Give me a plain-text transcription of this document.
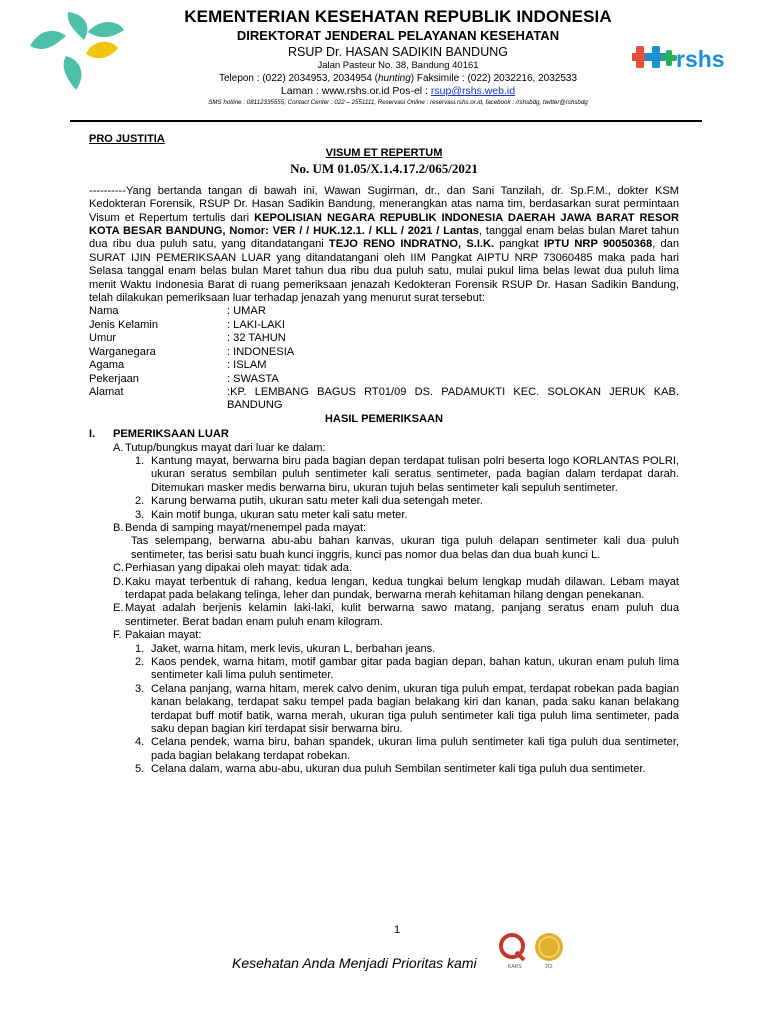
KEMENTERIAN KESEHATAN REPUBLIK INDONESIA
DIREKTORAT JENDERAL PELAYANAN KESEHATAN
RSUP Dr. HASAN SADIKIN BANDUNG
Jalan Pasteur No. 38, Bandung 40161
Telepon : (022) 2034953, 2034954 (hunting) Faksimile : (022) 2032216, 2032533
Laman : www.rshs.or.id Pos-el : rsup@rshs.web.id
SMS hotline : 08112335555, Contact Center : 022 – 2551111, Reservasi Online : reservasi.rshs.or.id, facebook : /rshsbdg, twitter@rshsbdg
rshs
PRO JUSTITIA
VISUM ET REPERTUM
No. UM 01.05/X.1.4.17.2/065/2021
----------Yang bertanda tangan di bawah ini, Wawan Sugirman, dr., dan Sani Tanzilah, dr. Sp.F.M., dokter KSM Kedokteran Forensik, RSUP Dr. Hasan Sadikin Bandung, menerangkan atas nama tim, berdasarkan surat permintaan Visum et Repertum tertulis dari KEPOLISIAN NEGARA REPUBLIK INDONESIA DAERAH JAWA BARAT RESOR KOTA BESAR BANDUNG, Nomor: VER / / HUK.12.1. / KLL / 2021 / Lantas, tanggal enam belas bulan Maret tahun dua ribu dua puluh satu, yang ditandatangani TEJO RENO INDRATNO, S.I.K. pangkat IPTU NRP 90050368, dan SURAT IJIN PEMERIKSAAN LUAR yang ditandatangani oleh IIM Pangkat AIPTU NRP 73060485 maka pada hari Selasa tanggal enam belas bulan Maret tahun dua ribu dua puluh satu, mulai pukul lima belas lewat dua puluh lima menit Waktu Indonesia Barat di ruang pemeriksaan jenazah Kedokteran Forensik RSUP Dr. Hasan Sadikin Bandung, telah dilakukan pemeriksaan luar terhadap jenazah yang menurut surat tersebut:
Nama	: UMAR
Jenis Kelamin	: LAKI-LAKI
Umur	: 32 TAHUN
Warganegara	: INDONESIA
Agama	: ISLAM
Pekerjaan	: SWASTA
Alamat	:KP. LEMBANG BAGUS RT01/09 DS. PADAMUKTI KEC. SOLOKAN JERUK KAB. BANDUNG
HASIL PEMERIKSAAN
I.	PEMERIKSAAN LUAR
A. Tutup/bungkus mayat dari luar ke dalam:
1. Kantung mayat, berwarna biru pada bagian depan terdapat tulisan polri beserta logo KORLANTAS POLRI, ukuran seratus sembilan puluh sentimeter kali seratus sentimeter, pada bagian dalam terdapat darah. Ditemukan masker medis berwarna biru, ukuran tujuh belas sentimeter kali sepuluh sentimeter.
2. Karung berwarna putih, ukuran satu meter kali dua setengah meter.
3. Kain motif bunga, ukuran satu meter kali satu meter.
B. Benda di samping mayat/menempel pada mayat:
Tas selempang, berwarna abu-abu bahan kanvas, ukuran tiga puluh delapan sentimeter kali dua puluh sentimeter, tas berisi satu buah kunci inggris, kunci pas nomor dua belas dan dua buah kunci L.
C. Perhiasan yang dipakai oleh mayat: tidak ada.
D. Kaku mayat terbentuk di rahang, kedua lengan, kedua tungkai belum lengkap mudah dilawan. Lebam mayat terdapat pada belakang telinga, leher dan pundak, berwarna merah kehitaman hilang dengan penekanan.
E. Mayat adalah berjenis kelamin laki-laki, kulit berwarna sawo matang, panjang seratus enam puluh dua sentimeter. Berat badan enam puluh enam kilogram.
F. Pakaian mayat:
1. Jaket, warna hitam, merk levis, ukuran L, berbahan jeans.
2. Kaos pendek, warna hitam, motif gambar gitar pada bagian depan, bahan katun, ukuran enam puluh lima sentimeter kali lima puluh sentimeter.
3. Celana panjang, warna hitam, merek calvo denim, ukuran tiga puluh empat, terdapat robekan pada bagian kanan belakang, terdapat saku tempel pada bagian belakang kiri dan kanan, pada saku kanan belakang terdapat buff motif batik, warna merah, ukuran tiga puluh sentimeter kali tiga puluh lima sentimeter, pada saku depan bagian kiri terdapat sisir berwarna biru.
4. Celana pendek, warna biru, bahan spandek, ukuran lima puluh sentimeter kali tiga puluh dua sentimeter, pada bagian belakang terdapat robekan.
5. Celana dalam, warna abu-abu, ukuran dua puluh Sembilan sentimeter kali tiga puluh dua sentimeter.
1
KARS	JCI
Kesehatan Anda Menjadi Prioritas kami
